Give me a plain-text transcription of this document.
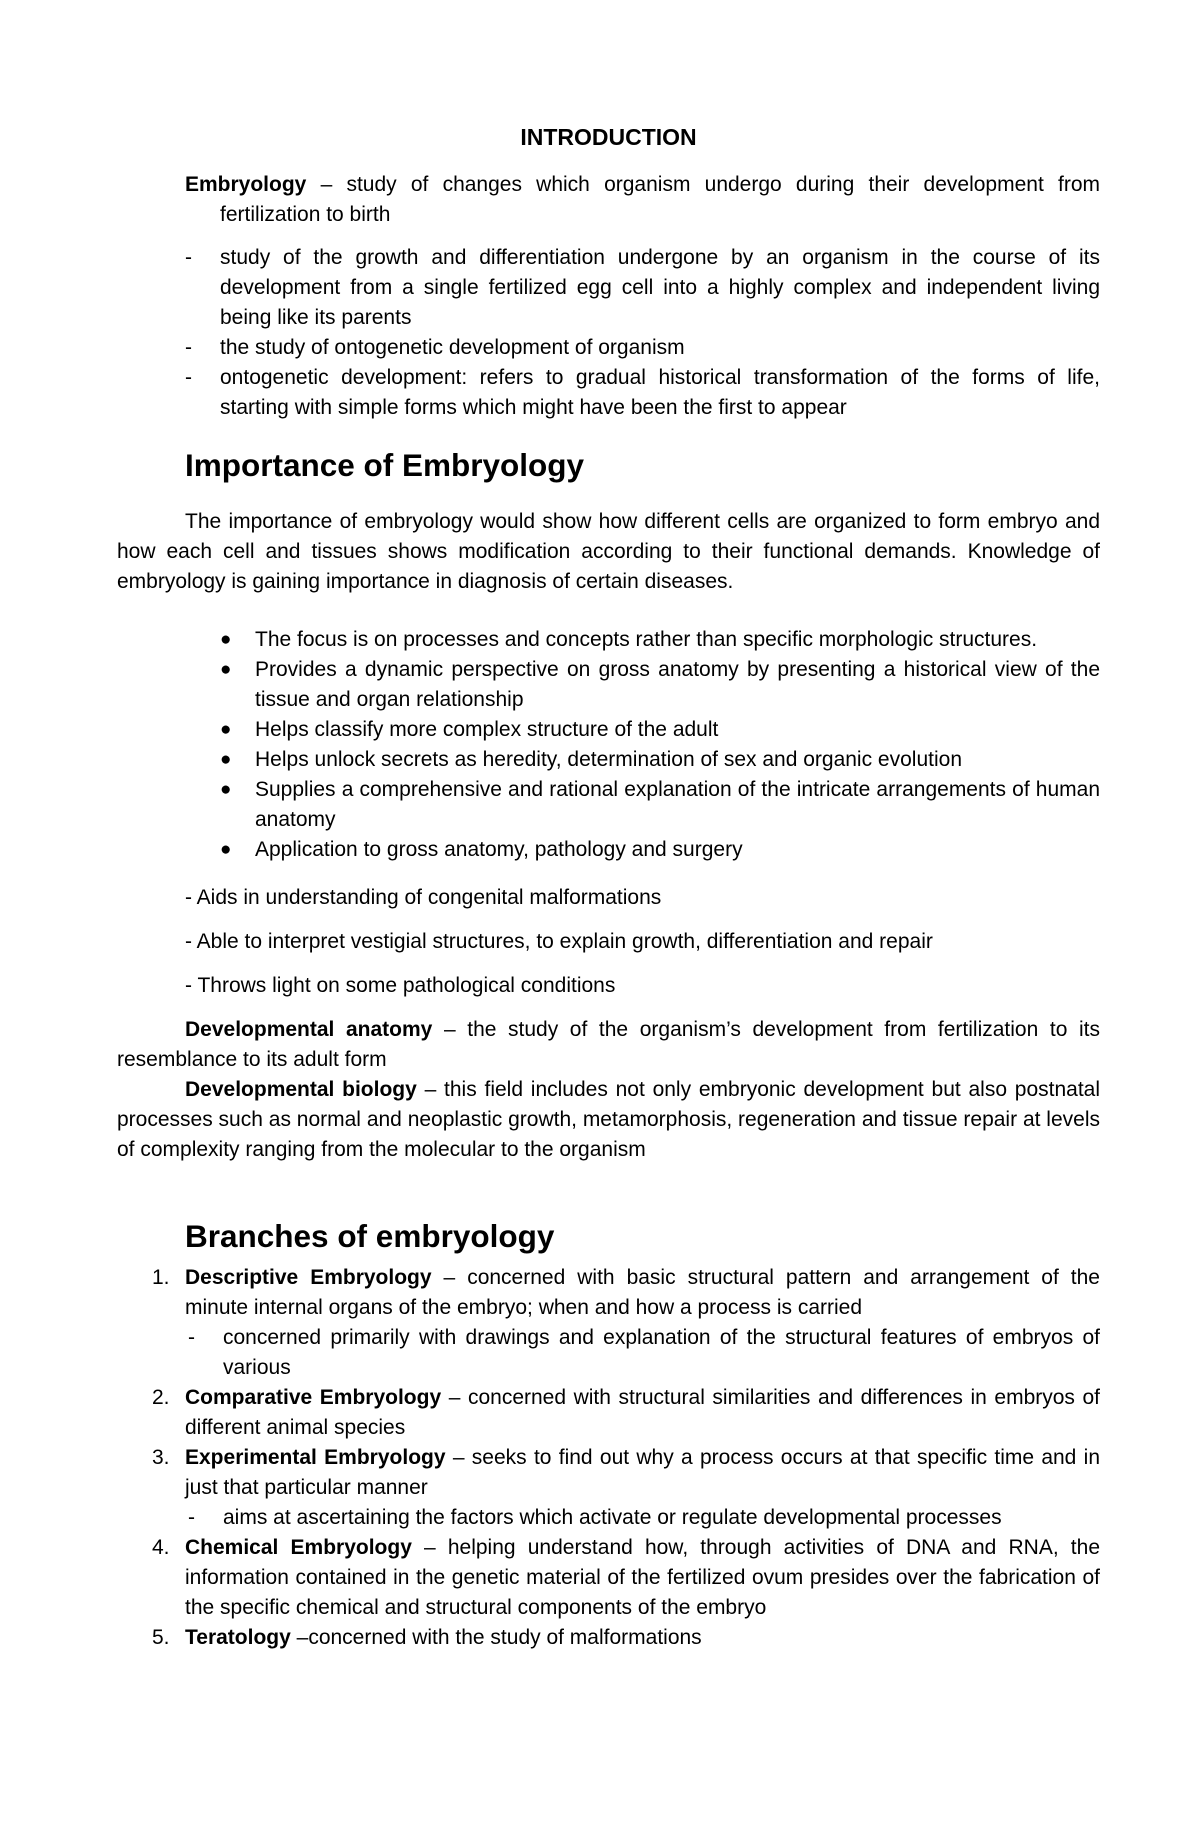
INTRODUCTION

Embryology – study of changes which organism undergo during their development from fertilization to birth

- study of the growth and differentiation undergone by an organism in the course of its development from a single fertilized egg cell into a highly complex and independent living being like its parents
- the study of ontogenetic development of organism
- ontogenetic development: refers to gradual historical transformation of the forms of life, starting with simple forms which might have been the first to appear
Importance of Embryology

The importance of embryology would show how different cells are organized to form embryo and how each cell and tissues shows modification according to their functional demands. Knowledge of embryology is gaining importance in diagnosis of certain diseases.

● The focus is on processes and concepts rather than specific morphologic structures.
● Provides a dynamic perspective on gross anatomy by presenting a historical view of the tissue and organ relationship
● Helps classify more complex structure of the adult
● Helps unlock secrets as heredity, determination of sex and organic evolution
● Supplies a comprehensive and rational explanation of the intricate arrangements of human anatomy
● Application to gross anatomy, pathology and surgery

- Aids in understanding of congenital malformations

- Able to interpret vestigial structures, to explain growth, differentiation and repair

- Throws light on some pathological conditions

Developmental anatomy – the study of the organism’s development from fertilization to its resemblance to its adult form

Developmental biology – this field includes not only embryonic development but also postnatal processes such as normal and neoplastic growth, metamorphosis, regeneration and tissue repair at levels of complexity ranging from the molecular to the organism

Branches of embryology
1. Descriptive Embryology – concerned with basic structural pattern and arrangement of the minute internal organs of the embryo; when and how a process is carried
- concerned primarily with drawings and explanation of the structural features of embryos of various
2. Comparative Embryology – concerned with structural similarities and differences in embryos of different animal species
3. Experimental Embryology – seeks to find out why a process occurs at that specific time and in just that particular manner
- aims at ascertaining the factors which activate or regulate developmental processes
4. Chemical Embryology – helping understand how, through activities of DNA and RNA, the information contained in the genetic material of the fertilized ovum presides over the fabrication of the specific chemical and structural components of the embryo
5. Teratology –concerned with the study of malformations
